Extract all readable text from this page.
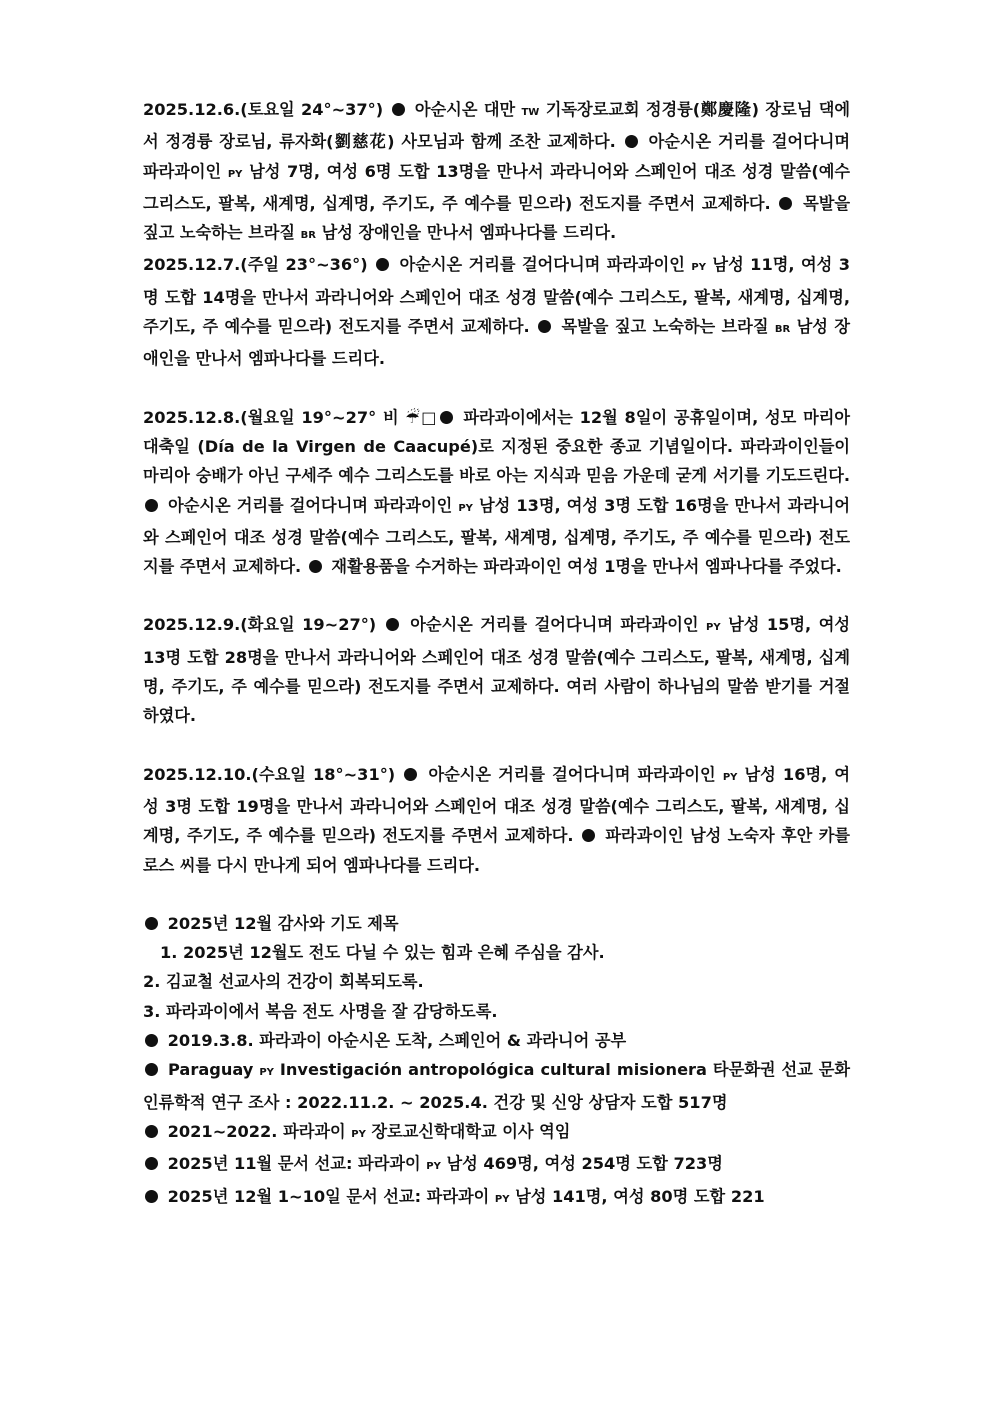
2025.12.6.(토요일 24°~37°)  아순시온 대만 TW 기독장로교회 정경륭(鄭慶隆) 장로님 댁에서 정경륭 장로님, 류자화(劉慈花) 사모님과 함께 조찬 교제하다.  아순시온 거리를 걸어다니며 파라과이인 PY 남성 7명, 여성 6명 도합 13명을 만나서 과라니어와 스페인어 대조 성경 말씀(예수 그리스도, 팔복, 새계명, 십계명, 주기도, 주 예수를 믿으라) 전도지를 주면서 교제하다.  목발을 짚고 노숙하는 브라질 BR 남성 장애인을 만나서 엠파나다를 드리다.

2025.12.7.(주일 23°~36°)  아순시온 거리를 걸어다니며 파라과이인 PY 남성 11명, 여성 3명 도합 14명을 만나서 과라니어와 스페인어 대조 성경 말씀(예수 그리스도, 팔복, 새계명, 십계명, 주기도, 주 예수를 믿으라) 전도지를 주면서 교제하다.  목발을 짚고 노숙하는 브라질 BR 남성 장애인을 만나서 엠파나다를 드리다.

2025.12.8.(월요일 19°~27° 비 ☔□ 파라과이에서는 12월 8일이 공휴일이며, 성모 마리아 대축일 (Día de la Virgen de Caacupé)로 지정된 중요한 종교 기념일이다. 파라과이인들이 마리아 숭배가 아닌 구세주 예수 그리스도를 바로 아는 지식과 믿음 가운데 굳게 서기를 기도드린다.  아순시온 거리를 걸어다니며 파라과이인 PY 남성 13명, 여성 3명 도합 16명을 만나서 과라니어와 스페인어 대조 성경 말씀(예수 그리스도, 팔복, 새계명, 십계명, 주기도, 주 예수를 믿으라) 전도지를 주면서 교제하다.  재활용품을 수거하는 파라과이인 여성 1명을 만나서 엠파나다를 주었다.

2025.12.9.(화요일 19~27°)  아순시온 거리를 걸어다니며 파라과이인 PY 남성 15명, 여성 13명 도합 28명을 만나서 과라니어와 스페인어 대조 성경 말씀(예수 그리스도, 팔복, 새계명, 십계명, 주기도, 주 예수를 믿으라) 전도지를 주면서 교제하다. 여러 사람이 하나님의 말씀 받기를 거절하였다.

2025.12.10.(수요일 18°~31°)  아순시온 거리를 걸어다니며 파라과이인 PY 남성 16명, 여성 3명 도합 19명을 만나서 과라니어와 스페인어 대조 성경 말씀(예수 그리스도, 팔복, 새계명, 십계명, 주기도, 주 예수를 믿으라) 전도지를 주면서 교제하다.  파라과이인 남성 노숙자 후안 카를로스 씨를 다시 만나게 되어 엠파나다를 드리다.

2025년 12월 감사와 기도 제목

1. 2025년 12월도 전도 다닐 수 있는 힘과 은혜 주심을 감사.

2. 김교철 선교사의 건강이 회복되도록.

3. 파라과이에서 복음 전도 사명을 잘 감당하도록.

2019.3.8. 파라과이 아순시온 도착, 스페인어 & 과라니어 공부

Paraguay PY Investigación antropológica cultural misionera 타문화권 선교 문화인류학적 연구 조사 : 2022.11.2. ~ 2025.4. 건강 및 신앙 상담자 도합 517명

2021~2022. 파라과이 PY 장로교신학대학교 이사 역임

2025년 11월 문서 선교: 파라과이 PY 남성 469명, 여성 254명 도합 723명

2025년 12월 1~10일 문서 선교: 파라과이 PY 남성 141명, 여성 80명 도합 221
